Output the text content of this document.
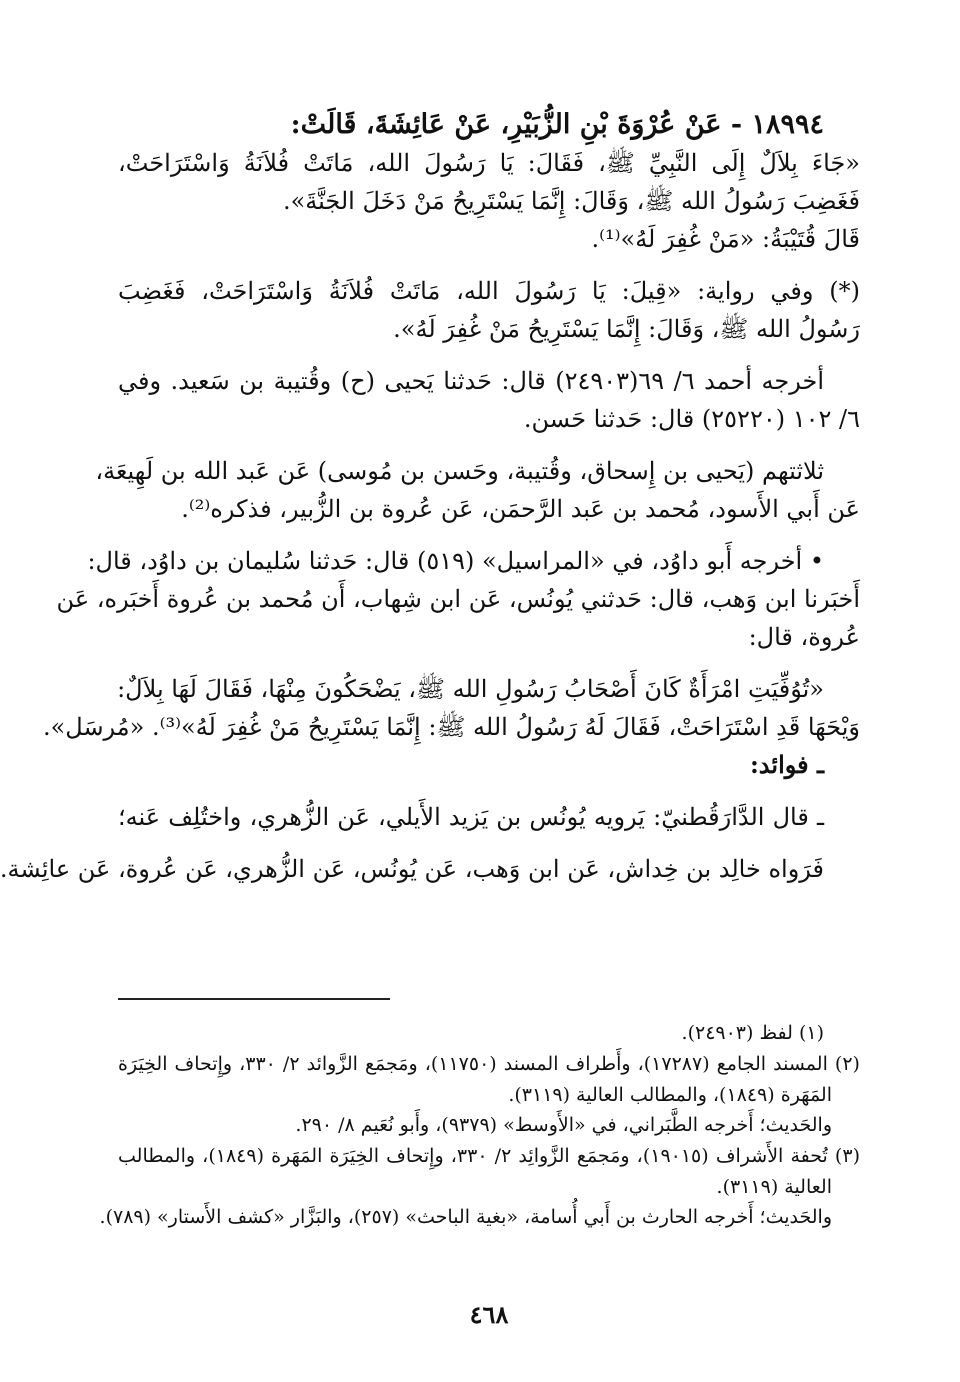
١٨٩٩٤ - عَنْ عُرْوَةَ بْنِ الزُّبَيْرِ، عَنْ عَائِشَةَ، قَالَتْ:
«جَاءَ بِلاَلٌ إِلَى النَّبِيِّ ﷺ، فَقَالَ: يَا رَسُولَ الله، مَاتَتْ فُلاَنَةُ وَاسْتَرَاحَتْ،
فَغَضِبَ رَسُولُ الله ﷺ، وَقَالَ: إِنَّمَا يَسْتَرِيحُ مَنْ دَخَلَ الجَنَّةَ».
قَالَ قُتَيْبَةُ: «مَنْ غُفِرَ لَهُ»⁽¹⁾.
(*) وفي رواية: «قِيلَ: يَا رَسُولَ الله، مَاتَتْ فُلاَنَةُ وَاسْتَرَاحَتْ، فَغَضِبَ
رَسُولُ الله ﷺ، وَقَالَ: إِنَّمَا يَسْتَرِيحُ مَنْ غُفِرَ لَهُ».
أخرجه أحمد ٦/ ٦٩(٢٤٩٠٣) قال: حَدثنا يَحيى (ح) وقُتيبة بن سَعيد. وفي
٦/ ١٠٢ (٢٥٢٢٠) قال: حَدثنا حَسن.
ثلاثتهم (يَحيى بن إِسحاق، وقُتيبة، وحَسن بن مُوسى) عَن عَبد الله بن لَهِيعَة،
عَن أَبي الأَسود، مُحمد بن عَبد الرَّحمَن، عَن عُروة بن الزُّبير، فذكره⁽²⁾.
• أخرجه أَبو داوُد، في «المراسيل» (٥١٩) قال: حَدثنا سُليمان بن داوُد، قال:
أَخبَرنا ابن وَهب، قال: حَدثني يُونُس، عَن ابن شِهاب، أَن مُحمد بن عُروة أَخبَره، عَن
عُروة، قال:
«تُوُفِّيَتِ امْرَأَةٌ كَانَ أَصْحَابُ رَسُولِ الله ﷺ، يَضْحَكُونَ مِنْهَا، فَقَالَ لَهَا بِلاَلٌ:
وَيْحَهَا قَدِ اسْتَرَاحَتْ، فَقَالَ لَهُ رَسُولُ الله ﷺ: إِنَّمَا يَسْتَرِيحُ مَنْ غُفِرَ لَهُ»⁽³⁾. «مُرسَل».
ـ فوائد:
ـ قال الدَّارَقُطنيّ: يَرويه يُونُس بن يَزيد الأَيلي، عَن الزُّهري، واختُلِف عَنه؛
فَرَواه خالِد بن خِداش، عَن ابن وَهب، عَن يُونُس، عَن الزُّهري، عَن عُروة، عَن عائِشة.
(١) لفظ (٢٤٩٠٣).
(٢) المسند الجامع (١٧٢٨٧)، وأَطراف المسند (١١٧٥٠)، ومَجمَع الزَّوائد ٢/ ٣٣٠، وإِتحاف الخِيَرَة
المَهَرة (١٨٤٩)، والمطالب العالية (٣١١٩).
والحَديث؛ أَخرجه الطَّبَراني، في «الأَوسط» (٩٣٧٩)، وأَبو نُعَيم ٨/ ٢٩٠.
(٣) تُحفة الأَشراف (١٩٠١٥)، ومَجمَع الزَّوائِد ٢/ ٣٣٠، وإِتحاف الخِيَرَة المَهَرة (١٨٤٩)، والمطالب
العالية (٣١١٩).
والحَديث؛ أَخرجه الحارث بن أَبي أُسامة، «بغية الباحث» (٢٥٧)، والبَزَّار «كشف الأَستار» (٧٨٩).
٤٦٨
